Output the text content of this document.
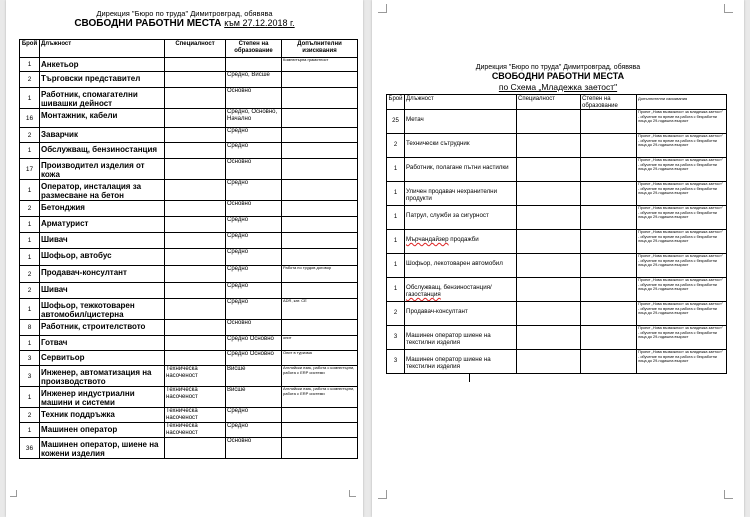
Дирекция "Бюро по труда" Димитровград, обявява
СВОБОДНИ РАБОТНИ МЕСТА към 27.12.2018 г.
Брой	Длъжност	Специалност	Степен на образование	Допълнителни изисквания
1	Анкетьор			Компютърна грамотност
2	Търговски представител		Средно, Висше	
1	Работник, спомагателни шивашки дейност		Основно	
16	Монтажник, кабели		Средно, Основно, Начално	
2	Заварчик		Средно	
1	Обслужващ, бензиностанция		Средно	
17	Производител изделия от кожа		Основно	
1	Оператор, инсталация за размесване на бетон		Средно	
2	Бетонджия		Основно	
1	Арматурист		Средно	
1	Шивач		Средно	
1	Шофьор, автобус		Средно	
2	Продавач-консултант		Средно	Работа по трудов договор
2	Шивач		Средно	
1	Шофьор, тежкотоварен автомобил/цистерна		Средно	ADR, кат. СЕ
8	Работник, строителството		Основно	
1	Готвач		Средно Основно	опит
3	Сервитьор		Средно Основно	Опит в туризма
3	Инженер, автоматизация на производството	Техническа насоченост	Висше	Английски език, работа с компютърни, работа с ERP системи
1	Инженер индустриални машини и системи	Техническа насоченост	Висше	Английски език, работа с компютърни, работа с ERP системи
2	Техник поддръжка	Техническа насоченост	Средно	
1	Машинен оператор	Техническа насоченост	Средно	
36	Машинен оператор, шиене на кожени изделия		Основно	
Дирекция "Бюро по труда" Димитровград, обявява
СВОБОДНИ РАБОТНИ МЕСТА
по Схема „Младежка заетост"
Брой	Длъжност	Специалност	Степен на образование	Допълнителни изисквания
25	Метач			Проект „Нова възможност за младежка заетост" - обучение по време на работа с безработни лица до 29-годишна възраст
2	Технически сътрудник			Проект „Нова възможност за младежка заетост" - обучение по време на работа с безработни лица до 29-годишна възраст
1	Работник, полагане пътни настилки			Проект „Нова възможност за младежка заетост" - обучение по време на работа с безработни лица до 29-годишна възраст
1	Уличен продавач нехранителни продукти			Проект „Нова възможност за младежка заетост" - обучение по време на работа с безработни лица до 29-годишна възраст
1	Патрул, служби за сигурност			Проект „Нова възможност за младежка заетост" - обучение по време на работа с безработни лица до 29-годишна възраст
1	Мърчандайзер продажби			Проект „Нова възможност за младежка заетост" - обучение по време на работа с безработни лица до 29-годишна възраст
1	Шофьор, лекотоварен автомобил			Проект „Нова възможност за младежка заетост" - обучение по време на работа с безработни лица до 29-годишна възраст
1	Обслужващ, бензиностанция/газостанция			Проект „Нова възможност за младежка заетост" - обучение по време на работа с безработни лица до 29-годишна възраст
2	Продавач-консултант			Проект „Нова възможност за младежка заетост" - обучение по време на работа с безработни лица до 29-годишна възраст
3	Машинен оператор шиене на текстилни изделия			Проект „Нова възможност за младежка заетост" - обучение по време на работа с безработни лица до 29-годишна възраст
3	Машинен оператор шиене на текстилни изделия			Проект „Нова възможност за младежка заетост" - обучение по време на работа с безработни лица до 29-годишна възраст
